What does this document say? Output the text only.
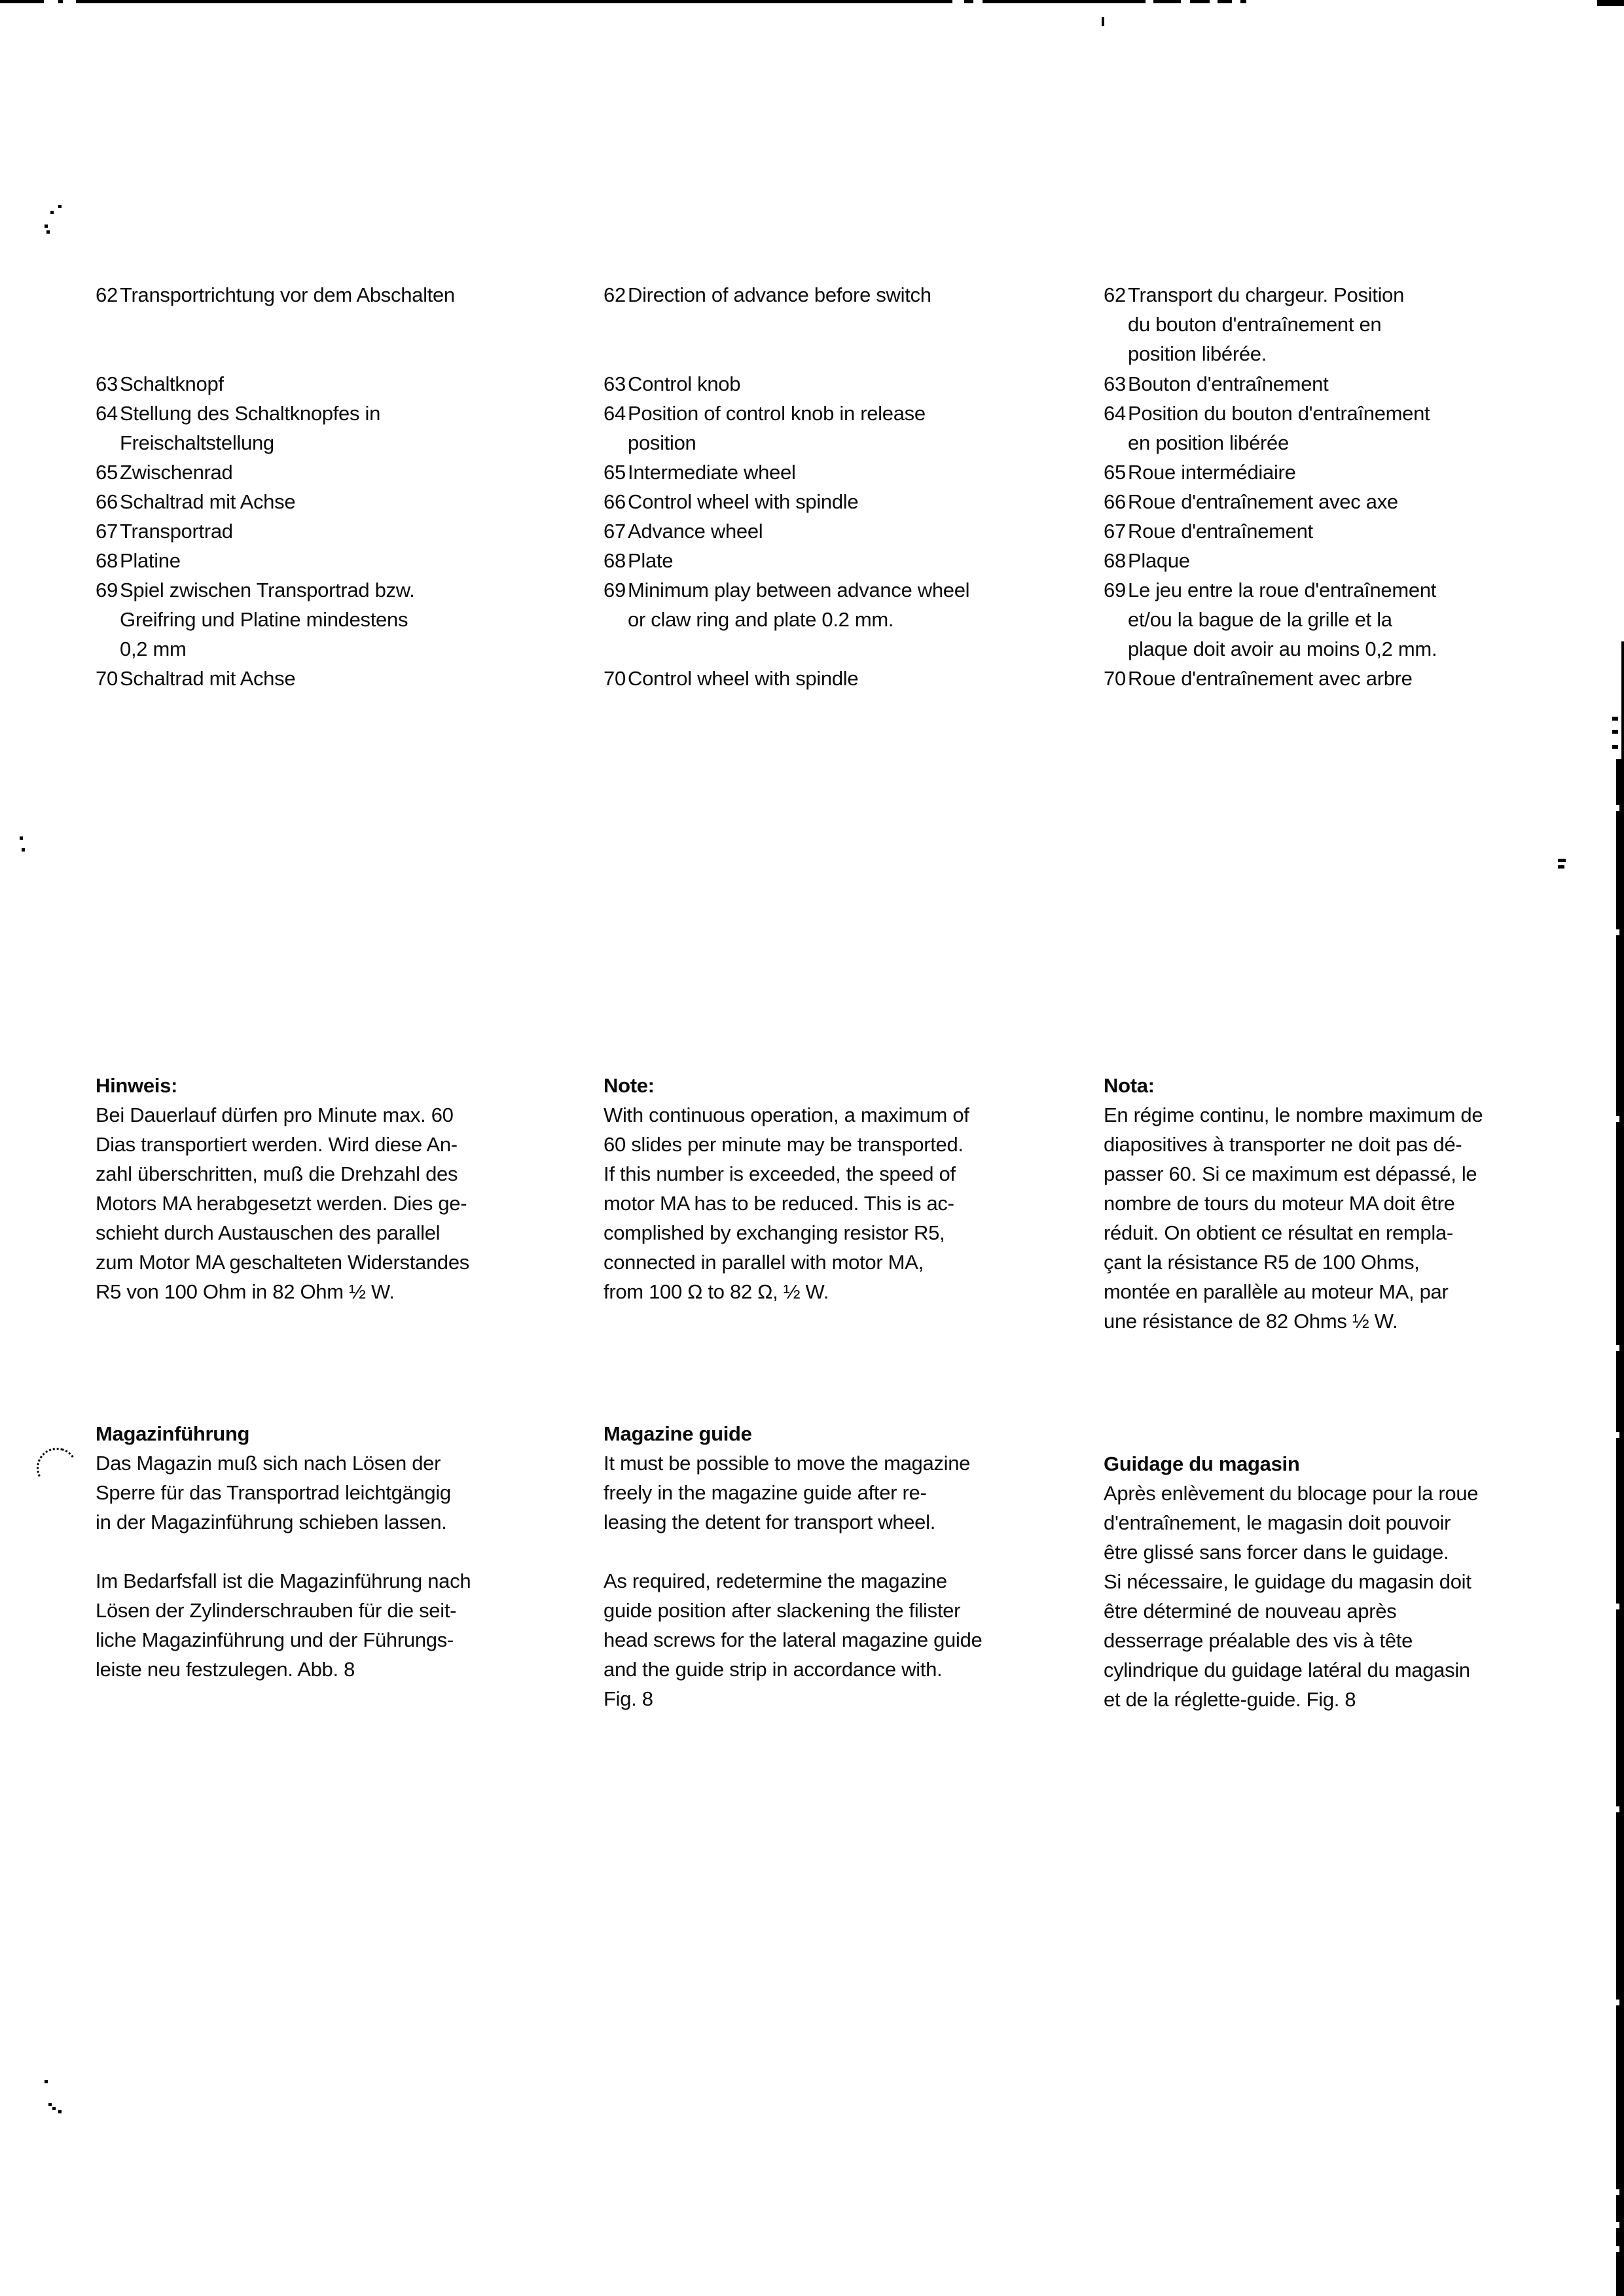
62 Transportrichtung vor dem Abschalten
63 Schaltknopf
64 Stellung des Schaltknopfes in
Freischaltstellung
65 Zwischenrad
66 Schaltrad mit Achse
67 Transportrad
68 Platine
69 Spiel zwischen Transportrad bzw.
Greifring und Platine mindestens
0,2 mm
70 Schaltrad mit Achse
Hinweis:
Bei Dauerlauf dürfen pro Minute max. 60
Dias transportiert werden. Wird diese An-
zahl überschritten, muß die Drehzahl des
Motors MA herabgesetzt werden. Dies ge-
schieht durch Austauschen des parallel
zum Motor MA geschalteten Widerstandes
R5 von 100 Ohm in 82 Ohm ½ W.
Magazinführung
Das Magazin muß sich nach Lösen der
Sperre für das Transportrad leichtgängig
in der Magazinführung schieben lassen.

Im Bedarfsfall ist die Magazinführung nach
Lösen der Zylinderschrauben für die seit-
liche Magazinführung und der Führungs-
leiste neu festzulegen. Abb. 8
62 Direction of advance before switch
63 Control knob
64 Position of control knob in release
position
65 Intermediate wheel
66 Control wheel with spindle
67 Advance wheel
68 Plate
69 Minimum play between advance wheel
or claw ring and plate 0.2 mm.
70 Control wheel with spindle
Note:
With continuous operation, a maximum of
60 slides per minute may be transported.
If this number is exceeded, the speed of
motor MA has to be reduced. This is ac-
complished by exchanging resistor R5,
connected in parallel with motor MA,
from 100 Ω to 82 Ω, ½ W.
Magazine guide
It must be possible to move the magazine
freely in the magazine guide after re-
leasing the detent for transport wheel.

As required, redetermine the magazine
guide position after slackening the filister
head screws for the lateral magazine guide
and the guide strip in accordance with.
Fig. 8
62 Transport du chargeur. Position
du bouton d'entraînement en
position libérée.
63 Bouton d'entraînement
64 Position du bouton d'entraînement
en position libérée
65 Roue intermédiaire
66 Roue d'entraînement avec axe
67 Roue d'entraînement
68 Plaque
69 Le jeu entre la roue d'entraînement
et/ou la bague de la grille et la
plaque doit avoir au moins 0,2 mm.
70 Roue d'entraînement avec arbre
Nota:
En régime continu, le nombre maximum de
diapositives à transporter ne doit pas dé-
passer 60. Si ce maximum est dépassé, le
nombre de tours du moteur MA doit être
réduit. On obtient ce résultat en rempla-
çant la résistance R5 de 100 Ohms,
montée en parallèle au moteur MA, par
une résistance de 82 Ohms ½ W.
Guidage du magasin
Après enlèvement du blocage pour la roue
d'entraînement, le magasin doit pouvoir
être glissé sans forcer dans le guidage.
Si nécessaire, le guidage du magasin doit
être déterminé de nouveau après
desserrage préalable des vis à tête
cylindrique du guidage latéral du magasin
et de la réglette-guide. Fig. 8
